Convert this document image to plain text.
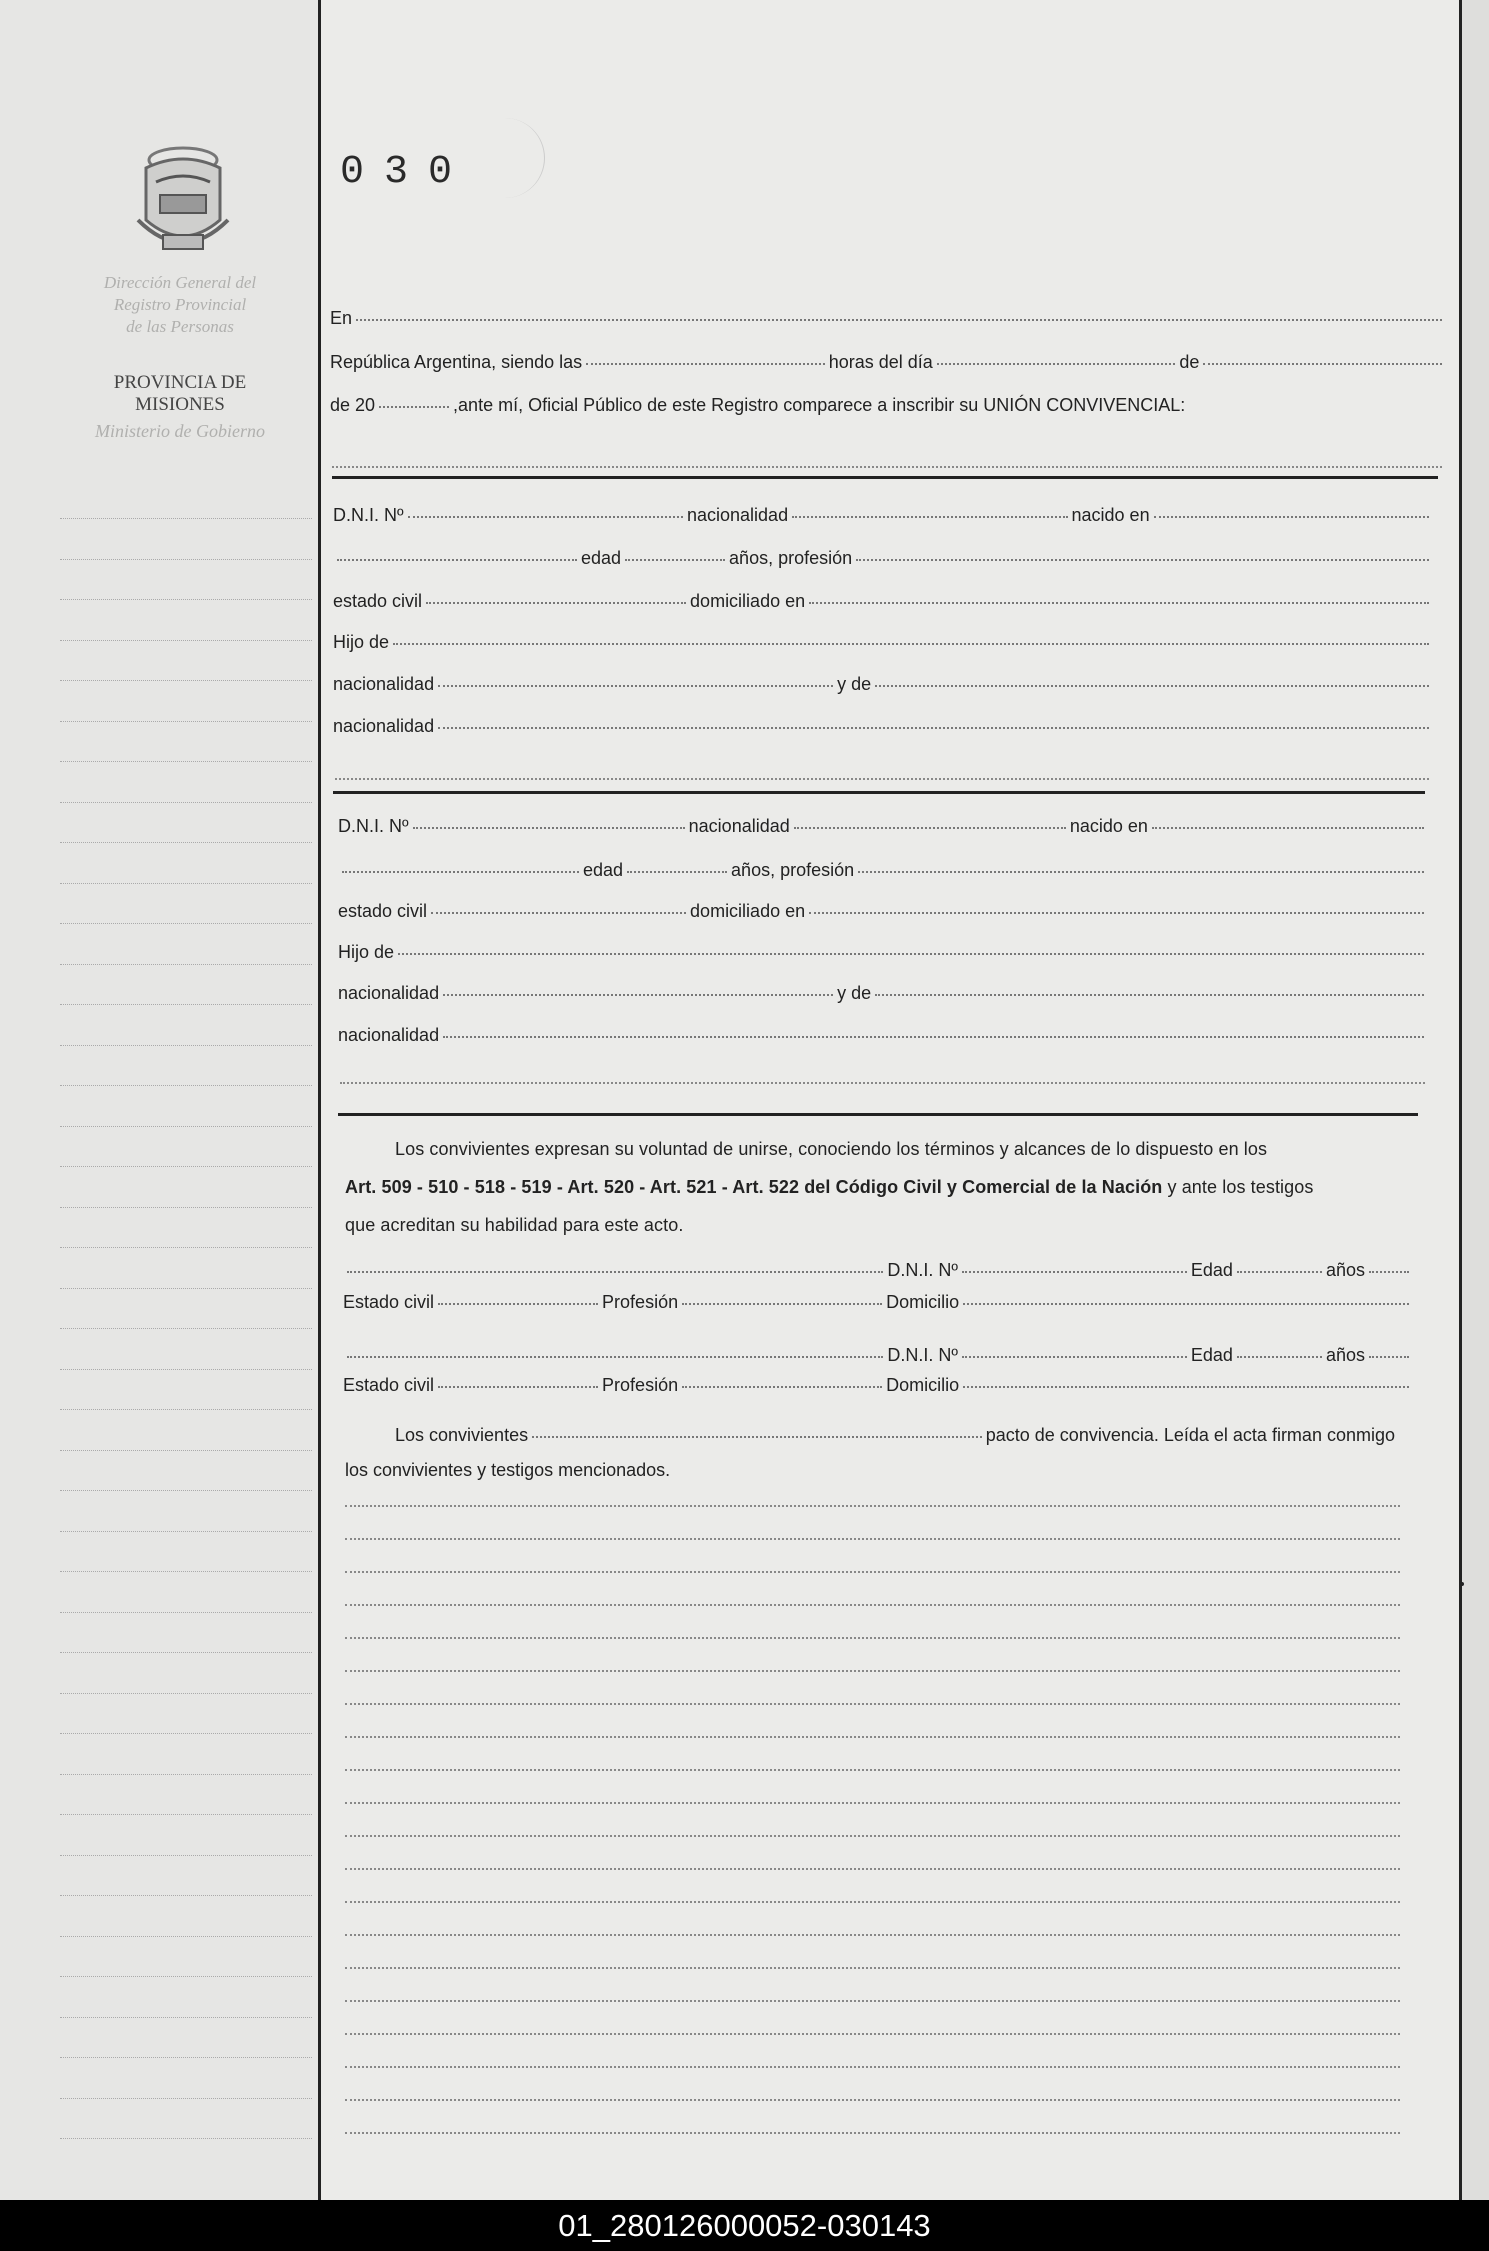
Dirección General del
Registro Provincial
de las Personas
PROVINCIA DE
MISIONES
Ministerio de Gobierno
030
En
República Argentina, siendo las	horas del día	de
de 20	,ante mí, Oficial Público de este Registro comparece a inscribir su UNIÓN CONVIVENCIAL:
D.N.I. Nº	nacionalidad	nacido en
edad	años, profesión
estado civil	domiciliado en
Hijo de
nacionalidad	y de
nacionalidad
D.N.I. Nº	nacionalidad	nacido en
edad	años, profesión
estado civil	domiciliado en
Hijo de
nacionalidad	y de
nacionalidad
Los convivientes expresan su voluntad de unirse, conociendo los términos y alcances de lo dispuesto en los
Art. 509 - 510 - 518 - 519 - Art. 520 - Art. 521 - Art. 522 del Código Civil y Comercial de la Nación y ante los testigos
que acreditan su habilidad para este acto.
D.N.I. Nº	Edad	años
Estado civil	Profesión	Domicilio
D.N.I. Nº	Edad	años
Estado civil	Profesión	Domicilio
Los convivientes	pacto de convivencia. Leída el acta firman conmigo
los convivientes y testigos mencionados.
01_280126000052-030143
